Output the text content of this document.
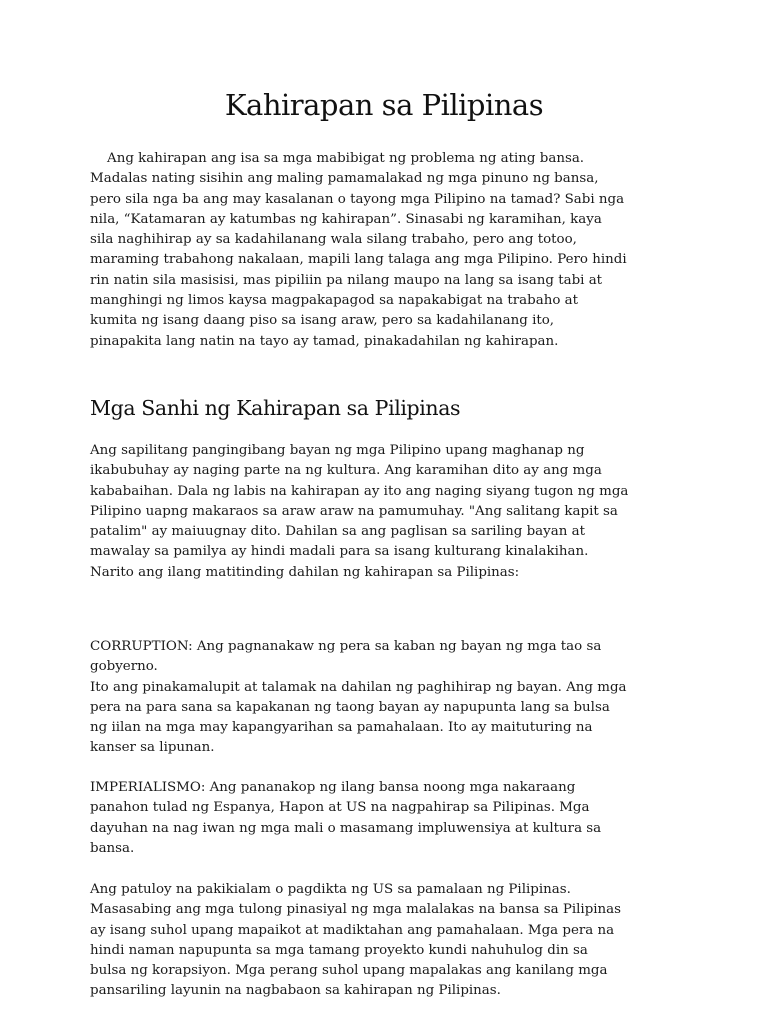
Kahirapan sa Pilipinas

Ang kahirapan ang isa sa mga mabibigat ng problema ng ating bansa.
Madalas nating sisihin ang maling pamamalakad ng mga pinuno ng bansa,
pero sila nga ba ang may kasalanan o tayong mga Pilipino na tamad? Sabi nga
nila, “Katamaran ay katumbas ng kahirapan”. Sinasabi ng karamihan, kaya
sila naghihirap ay sa kadahilanang wala silang trabaho, pero ang totoo,
maraming trabahong nakalaan, mapili lang talaga ang mga Pilipino. Pero hindi
rin natin sila masisisi, mas pipiliin pa nilang maupo na lang sa isang tabi at
manghingi ng limos kaysa magpakapagod sa napakabigat na trabaho at
kumita ng isang daang piso sa isang araw, pero sa kadahilanang ito,
pinapakita lang natin na tayo ay tamad, pinakadahilan ng kahirapan.

Mga Sanhi ng Kahirapan sa Pilipinas

Ang sapilitang pangingibang bayan ng mga Pilipino upang maghanap ng
ikabubuhay ay naging parte na ng kultura. Ang karamihan dito ay ang mga
kababaihan. Dala ng labis na kahirapan ay ito ang naging siyang tugon ng mga
Pilipino uapng makaraos sa araw araw na pamumuhay. "Ang salitang kapit sa
patalim" ay maiuugnay dito. Dahilan sa ang paglisan sa sariling bayan at
mawalay sa pamilya ay hindi madali para sa isang kulturang kinalakihan.
Narito ang ilang matitinding dahilan ng kahirapan sa Pilipinas:

CORRUPTION: Ang pagnanakaw ng pera sa kaban ng bayan ng mga tao sa
gobyerno.
Ito ang pinakamalupit at talamak na dahilan ng paghihirap ng bayan. Ang mga
pera na para sana sa kapakanan ng taong bayan ay napupunta lang sa bulsa
ng iilan na mga may kapangyarihan sa pamahalaan. Ito ay maituturing na
kanser sa lipunan.

IMPERIALISMO: Ang pananakop ng ilang bansa noong mga nakaraang
panahon tulad ng Espanya, Hapon at US na nagpahirap sa Pilipinas. Mga
dayuhan na nag iwan ng mga mali o masamang impluwensiya at kultura sa
bansa.

Ang patuloy na pakikialam o pagdikta ng US sa pamalaan ng Pilipinas.
Masasabing ang mga tulong pinasiyal ng mga malalakas na bansa sa Pilipinas
ay isang suhol upang mapaikot at madiktahan ang pamahalaan. Mga pera na
hindi naman napupunta sa mga tamang proyekto kundi nahuhulog din sa
bulsa ng korapsiyon. Mga perang suhol upang mapalakas ang kanilang mga
pansariling layunin na nagbabaon sa kahirapan ng Pilipinas.
